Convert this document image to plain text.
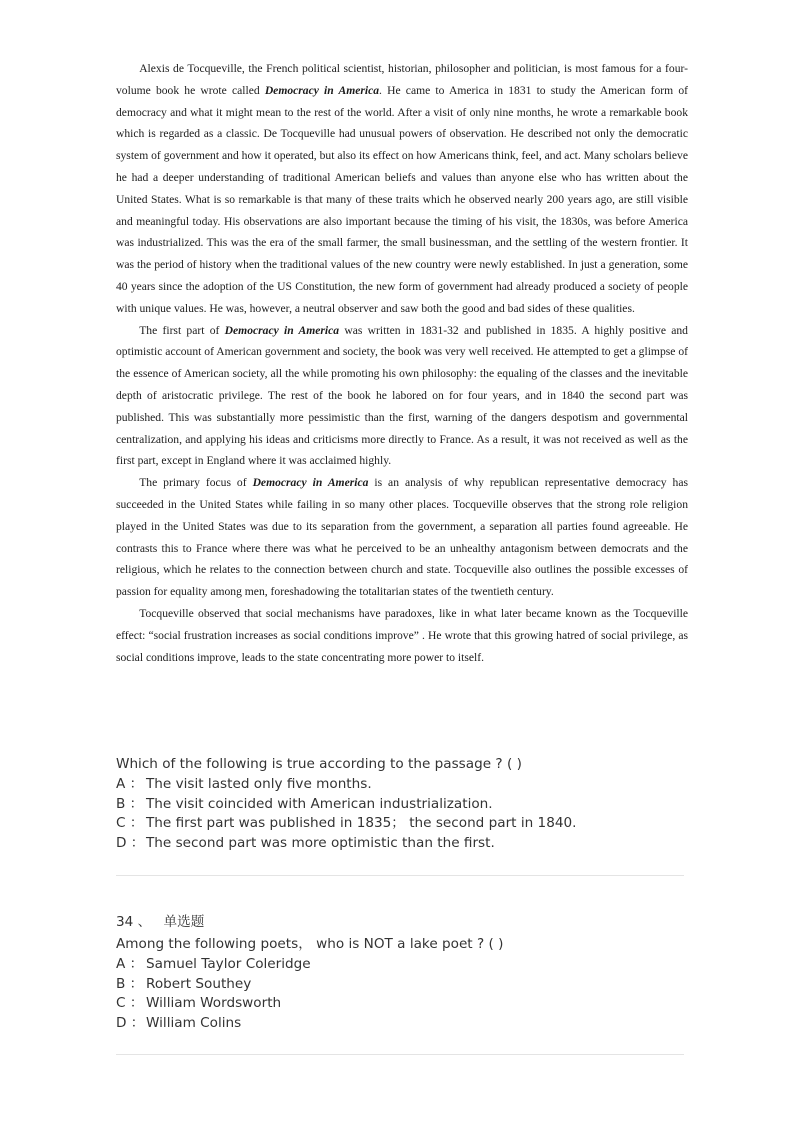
Alexis de Tocqueville, the French political scientist, historian, philosopher and politician, is most famous for a four-volume book he wrote called Democracy in America. He came to America in 1831 to study the American form of democracy and what it might mean to the rest of the world. After a visit of only nine months, he wrote a remarkable book which is regarded as a classic. De Tocqueville had unusual powers of observation. He described not only the democratic system of government and how it operated, but also its effect on how Americans think, feel, and act. Many scholars believe he had a deeper understanding of traditional American beliefs and values than anyone else who has written about the United States. What is so remarkable is that many of these traits which he observed nearly 200 years ago, are still visible and meaningful today. His observations are also important because the timing of his visit, the 1830s, was before America was industrialized. This was the era of the small farmer, the small businessman, and the settling of the western frontier. It was the period of history when the traditional values of the new country were newly established. In just a generation, some 40 years since the adoption of the US Constitution, the new form of government had already produced a society of people with unique values. He was, however, a neutral observer and saw both the good and bad sides of these qualities.

The first part of Democracy in America was written in 1831-32 and published in 1835. A highly positive and optimistic account of American government and society, the book was very well received. He attempted to get a glimpse of the essence of American society, all the while promoting his own philosophy: the equaling of the classes and the inevitable depth of aristocratic privilege. The rest of the book he labored on for four years, and in 1840 the second part was published. This was substantially more pessimistic than the first, warning of the dangers despotism and governmental centralization, and applying his ideas and criticisms more directly to France. As a result, it was not received as well as the first part, except in England where it was acclaimed highly.

The primary focus of Democracy in America is an analysis of why republican representative democracy has succeeded in the United States while failing in so many other places. Tocqueville observes that the strong role religion played in the United States was due to its separation from the government, a separation all parties found agreeable. He contrasts this to France where there was what he perceived to be an unhealthy antagonism between democrats and the religious, which he relates to the connection between church and state. Tocqueville also outlines the possible excesses of passion for equality among men, foreshadowing the totalitarian states of the twentieth century.

Tocqueville observed that social mechanisms have paradoxes, like in what later became known as the Tocqueville effect: “social frustration increases as social conditions improve” . He wrote that this growing hatred of social privilege, as social conditions improve, leads to the state concentrating more power to itself.

Which of the following is true according to the passage ? ( )
A ： The visit lasted only five months.
B ： The visit coincided with American industrialization.
C ： The first part was published in 1835； the second part in 1840.
D ： The second part was more optimistic than the first.
34 、 单选题
Among the following poets， who is NOT a lake poet ? ( )
A ： Samuel Taylor Coleridge
B ： Robert Southey
C ： William Wordsworth
D ： William Colins
